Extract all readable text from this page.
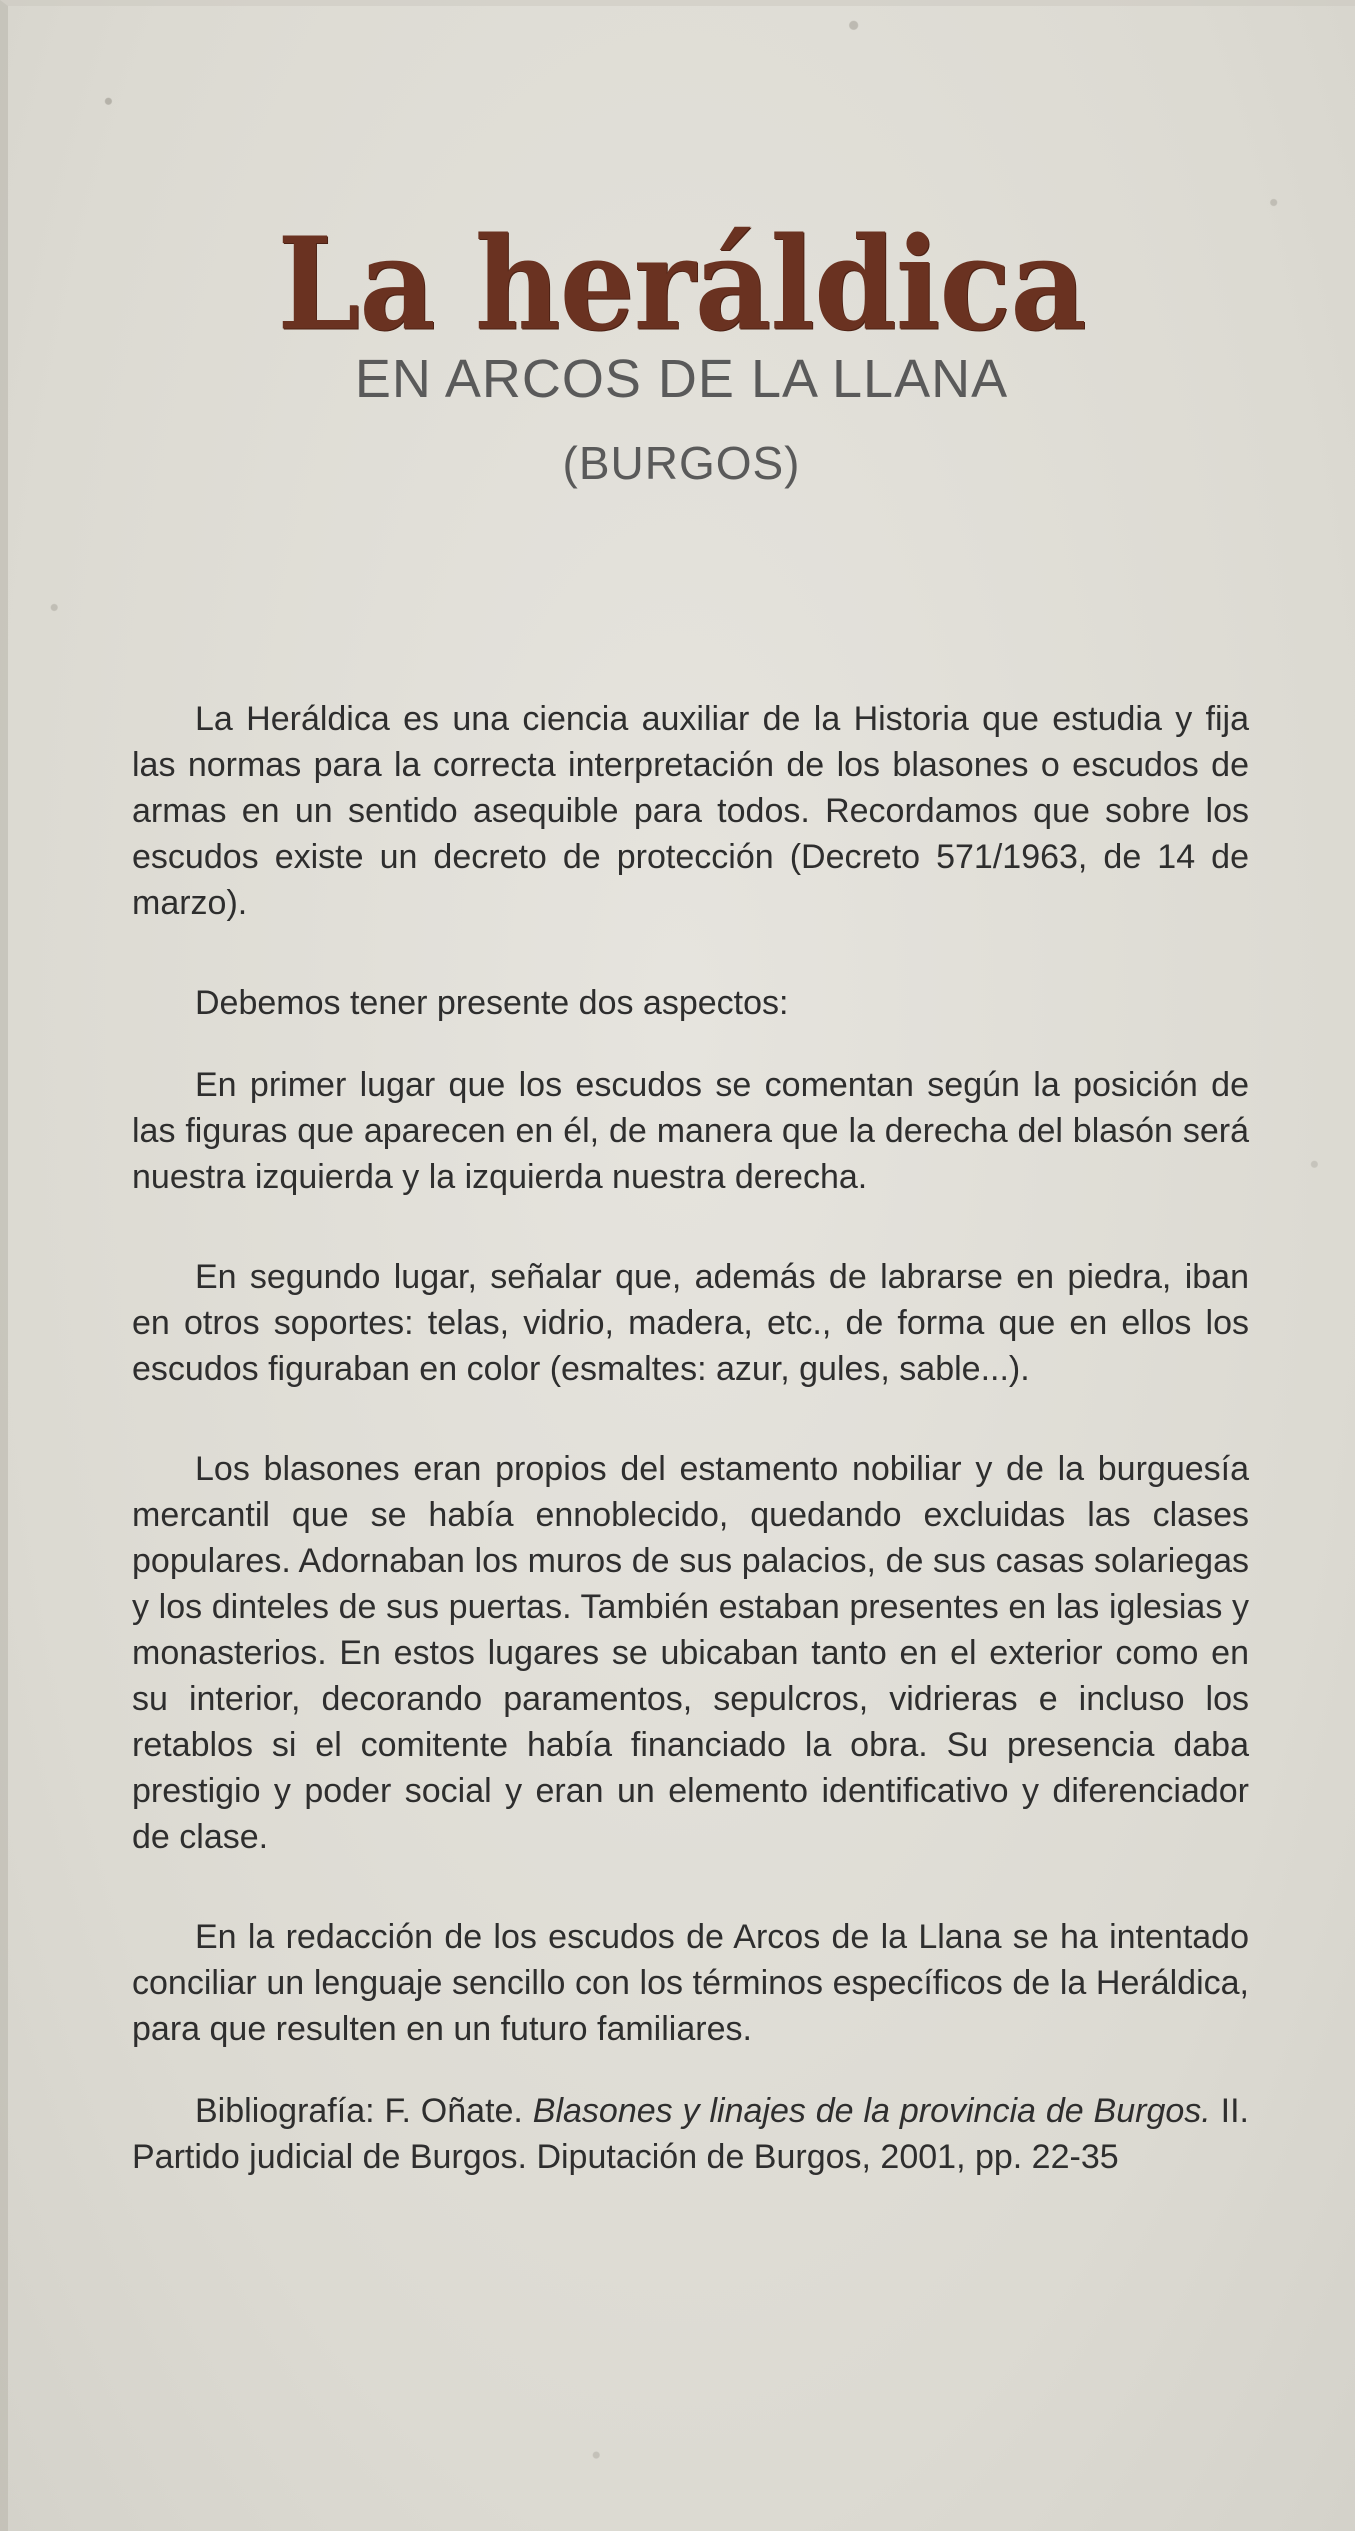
La heráldica
EN ARCOS DE LA LLANA
(BURGOS)

La Heráldica es una ciencia auxiliar de la Historia que estudia y fija las normas para la correcta interpretación de los blasones o escudos de armas en un sentido asequible para todos. Recordamos que sobre los escudos existe un decreto de protección (Decreto 571/1963, de 14 de marzo).

Debemos tener presente dos aspectos:

En primer lugar que los escudos se comentan según la posición de las figuras que aparecen en él, de manera que la derecha del blasón será nuestra izquierda y la izquierda nuestra derecha.

En segundo lugar, señalar que, además de labrarse en piedra, iban en otros soportes: telas, vidrio, madera, etc., de forma que en ellos los escudos figuraban en color (esmaltes: azur, gules, sable...).

Los blasones eran propios del estamento nobiliar y de la burguesía mercantil que se había ennoblecido, quedando excluidas las clases populares. Adornaban los muros de sus palacios, de sus casas solariegas y los dinteles de sus puertas. También estaban presentes en las iglesias y monasterios. En estos lugares se ubicaban tanto en el exterior como en su interior, decorando paramentos, sepulcros, vidrieras e incluso los retablos si el comitente había financiado la obra. Su presencia daba prestigio y poder social y eran un elemento identificativo y diferenciador de clase.

En la redacción de los escudos de Arcos de la Llana se ha intentado conciliar un lenguaje sencillo con los términos específicos de la Heráldica, para que resulten en un futuro familiares.

Bibliografía: F. Oñate. Blasones y linajes de la provincia de Burgos. II. Partido judicial de Burgos. Diputación de Burgos, 2001, pp. 22-35
